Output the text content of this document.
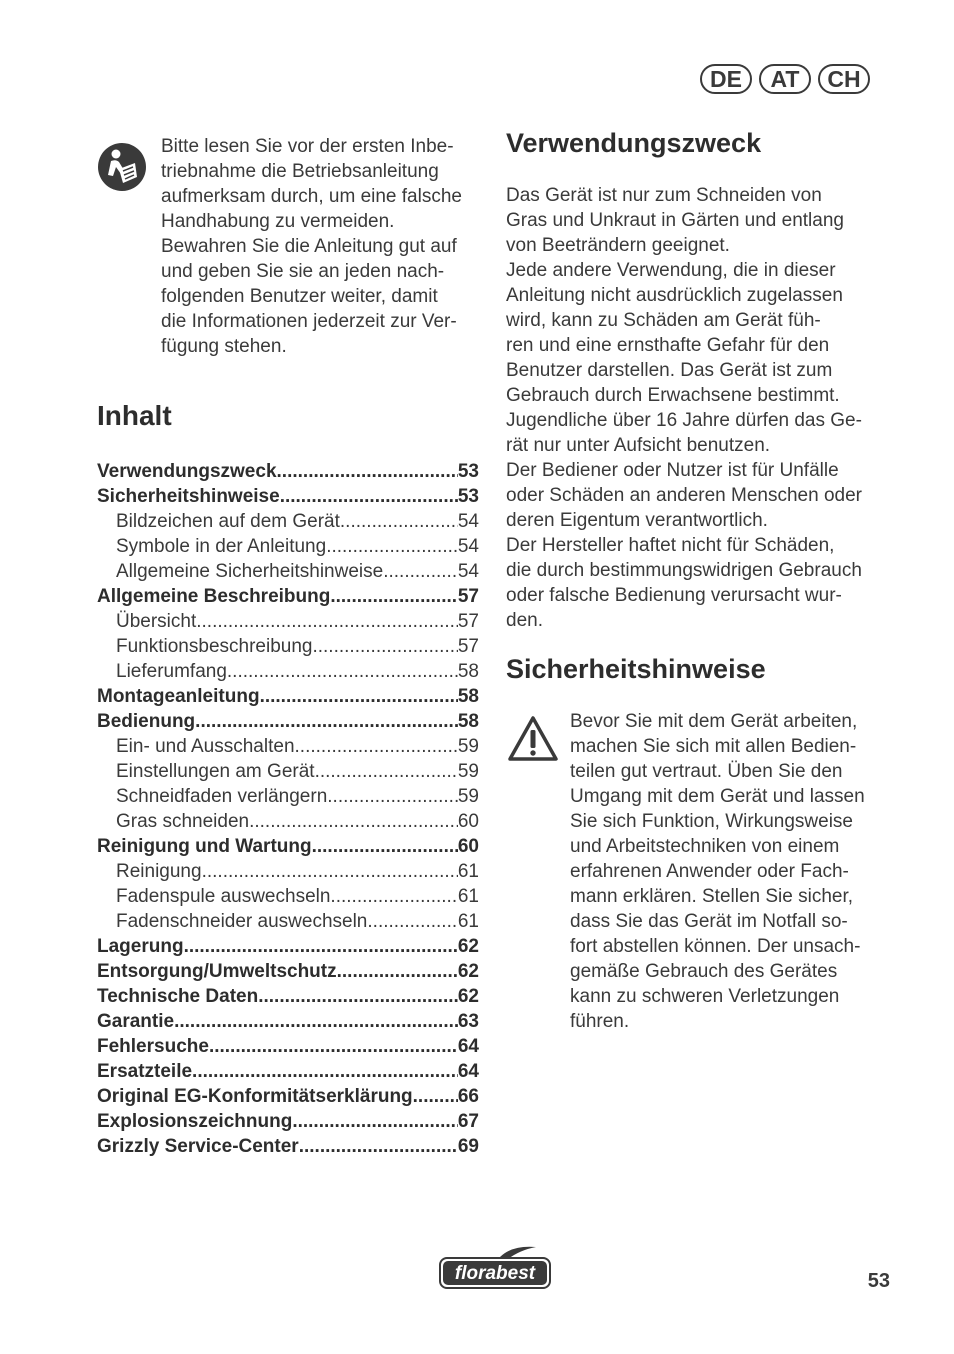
DE	AT	CH

Bitte lesen Sie vor der ersten Inbe-
triebnahme die Betriebsanleitung
aufmerksam durch, um eine falsche
Handhabung zu vermeiden.
Bewahren Sie die Anleitung gut auf
und geben Sie sie an jeden nach-
folgenden Benutzer weiter, damit
die Informationen jederzeit zur Ver-
fügung stehen.

Inhalt
Verwendungszweck .....	53
Sicherheitshinweise .....	53
Bildzeichen auf dem Gerät .....	54
Symbole in der Anleitung .....	54
Allgemeine Sicherheitshinweise .....	54
Allgemeine Beschreibung .....	57
Übersicht .....	57
Funktionsbeschreibung .....	57
Lieferumfang .....	58
Montageanleitung .....	58
Bedienung .....	58
Ein- und Ausschalten .....	59
Einstellungen am Gerät .....	59
Schneidfaden verlängern .....	59
Gras schneiden .....	60
Reinigung und Wartung .....	60
Reinigung .....	61
Fadenspule auswechseln .....	61
Fadenschneider auswechseln .....	61
Lagerung .....	62
Entsorgung/Umweltschutz .....	62
Technische Daten .....	62
Garantie .....	63
Fehlersuche .....	64
Ersatzteile .....	64
Original EG-Konformitätserklärung ..... 66
Explosionszeichnung .....	67
Grizzly Service-Center .....	69
Verwendungszweck

Das Gerät ist nur zum Schneiden von
Gras und Unkraut in Gärten und entlang
von Beeträndern geeignet.
Jede andere Verwendung, die in dieser
Anleitung nicht ausdrücklich zugelassen
wird, kann zu Schäden am Gerät füh-
ren und eine ernsthafte Gefahr für den
Benutzer darstellen. Das Gerät ist zum
Gebrauch durch Erwachsene bestimmt.
Jugendliche über 16 Jahre dürfen das Ge-
rät nur unter Aufsicht benutzen.
Der Bediener oder Nutzer ist für Unfälle
oder Schäden an anderen Menschen oder
deren Eigentum verantwortlich.
Der Hersteller haftet nicht für Schäden,
die durch bestimmungswidrigen Gebrauch
oder falsche Bedienung verursacht wur-
den.

Sicherheitshinweise

Bevor Sie mit dem Gerät arbeiten,
machen Sie sich mit allen Bedien-
teilen gut vertraut. Üben Sie den
Umgang mit dem Gerät und lassen
Sie sich Funktion, Wirkungsweise
und Arbeitstechniken von einem
erfahrenen Anwender oder Fach-
mann erklären. Stellen Sie sicher,
dass Sie das Gerät im Notfall so-
fort abstellen können. Der unsach-
gemäße Gebrauch des Gerätes
kann zu schweren Verletzungen
führen.

florabest	53
